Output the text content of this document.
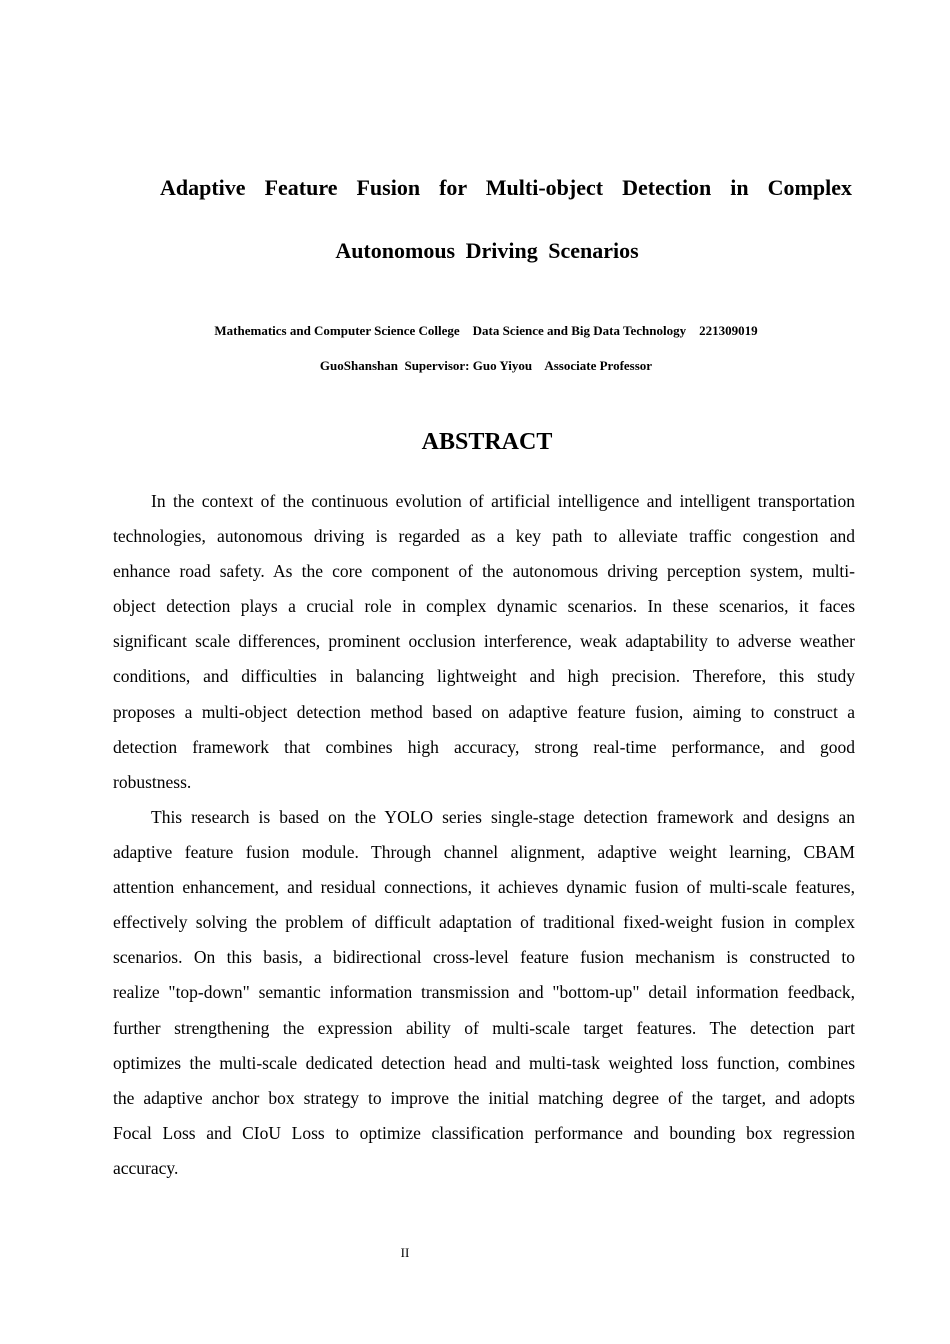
Adaptive Feature Fusion for Multi-object Detection in Complex
Autonomous Driving Scenarios
Mathematics and Computer Science College    Data Science and Big Data Technology    221309019
GuoShanshan  Supervisor: Guo Yiyou    Associate Professor
ABSTRACT

In the context of the continuous evolution of artificial intelligence and intelligent transportation technologies, autonomous driving is regarded as a key path to alleviate traffic congestion and enhance road safety. As the core component of the autonomous driving perception system, multi-object detection plays a crucial role in complex dynamic scenarios. In these scenarios, it faces significant scale differences, prominent occlusion interference, weak adaptability to adverse weather conditions, and difficulties in balancing lightweight and high precision. Therefore, this study proposes a multi-object detection method based on adaptive feature fusion, aiming to construct a detection framework that combines high accuracy, strong real-time performance, and good robustness.

This research is based on the YOLO series single-stage detection framework and designs an adaptive feature fusion module. Through channel alignment, adaptive weight learning, CBAM attention enhancement, and residual connections, it achieves dynamic fusion of multi-scale features, effectively solving the problem of difficult adaptation of traditional fixed-weight fusion in complex scenarios. On this basis, a bidirectional cross-level feature fusion mechanism is constructed to realize "top-down" semantic information transmission and "bottom-up" detail information feedback, further strengthening the expression ability of multi-scale target features. The detection part optimizes the multi-scale dedicated detection head and multi-task weighted loss function, combines the adaptive anchor box strategy to improve the initial matching degree of the target, and adopts Focal Loss and CIoU Loss to optimize classification performance and bounding box regression accuracy.

II
